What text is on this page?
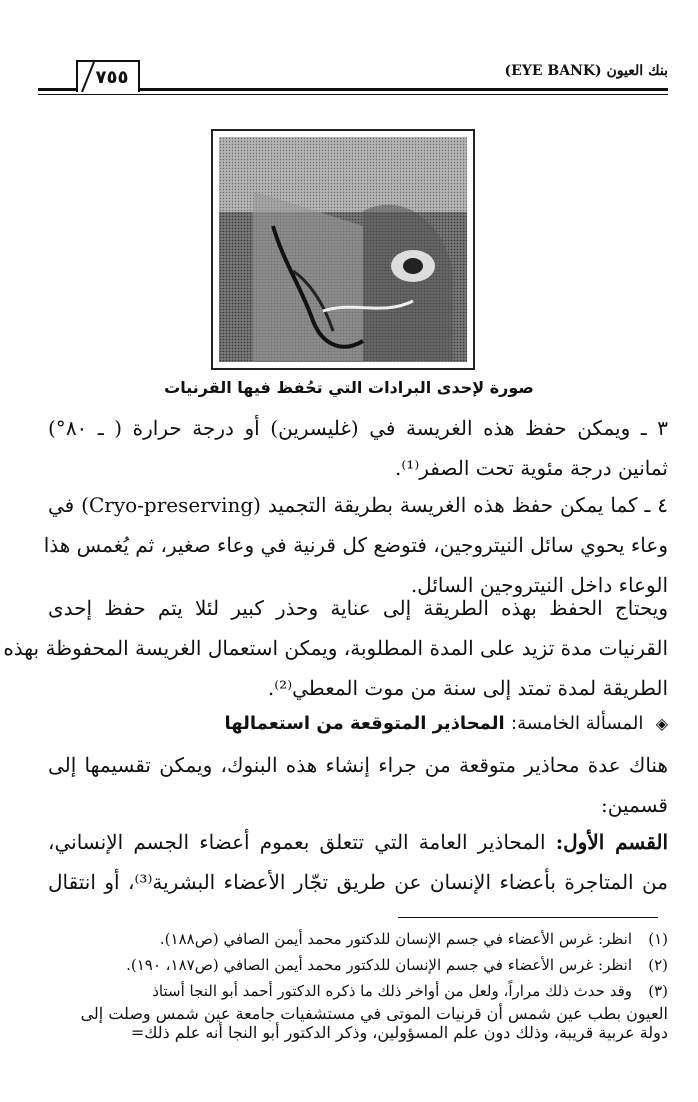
بنك العيون (EYE BANK)
٧٥٥
صورة لإحدى البرادات التي تحُفظ فيها القرنيات
٣ ـ ويمكن حفظ هذه الغريسة في (غليسرين) أو درجة حرارة ( ـ ٨٠°)
ثمانين درجة مئوية تحت الصفر⁽¹⁾.
٤ ـ كما يمكن حفظ هذه الغريسة بطريقة التجميد (Cryo-preserving) في
وعاء يحوي سائل النيتروجين، فتوضع كل قرنية في وعاء صغير، ثم يُغمس هذا
الوعاء داخل النيتروجين السائل.
ويحتاج الحفظ بهذه الطريقة إلى عناية وحذر كبير لئلا يتم حفظ إحدى
القرنيات مدة تزيد على المدة المطلوبة، ويمكن استعمال الغريسة المحفوظة بهذه
الطريقة لمدة تمتد إلى سنة من موت المعطي⁽²⁾.
◈ المسألة الخامسة: المحاذير المتوقعة من استعمالها
هناك عدة محاذير متوقعة من جراء إنشاء هذه البنوك، ويمكن تقسيمها إلى
قسمين:
القسم الأول: المحاذير العامة التي تتعلق بعموم أعضاء الجسم الإنساني،
من المتاجرة بأعضاء الإنسان عن طريق تجّار الأعضاء البشرية⁽³⁾، أو انتقال
(١)
انظر: غرس الأعضاء في جسم الإنسان للدكتور محمد أيمن الصافي (ص١٨٨).
(٢)
انظر: غرس الأعضاء في جسم الإنسان للدكتور محمد أيمن الصافي (ص١٨٧، ١٩٠).
(٣)
وقد حدث ذلك مراراً، ولعل من أواخر ذلك ما ذكره الدكتور أحمد أبو النجا أستاذ
العيون بطب عين شمس أن قرنيات الموتى في مستشفيات جامعة عين شمس وصلت إلى
دولة عربية قريبة، وذلك دون علم المسؤولين، وذكر الدكتور أبو النجا أنه علم ذلك=
